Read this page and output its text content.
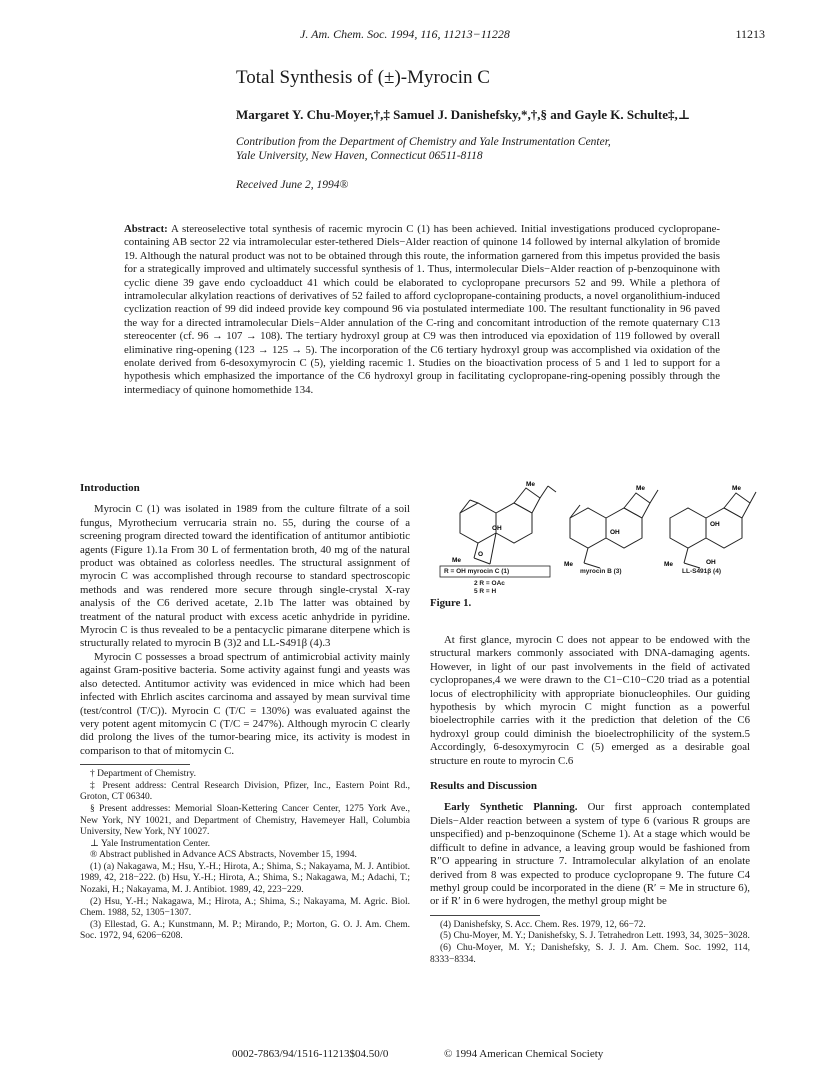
J. Am. Chem. Soc. 1994, 116, 11213−11228	11213
Total Synthesis of (±)-Myrocin C
Margaret Y. Chu-Moyer,†,‡ Samuel J. Danishefsky,*,†,§ and Gayle K. Schulte‡,⊥
Contribution from the Department of Chemistry and Yale Instrumentation Center,
Yale University, New Haven, Connecticut 06511-8118
Received June 2, 1994®
Abstract: A stereoselective total synthesis of racemic myrocin C (1) has been achieved. Initial investigations produced cyclopropane-containing AB sector 22 via intramolecular ester-tethered Diels−Alder reaction of quinone 14 followed by internal alkylation of bromide 19. Although the natural product was not to be obtained through this route, the information garnered from this impetus provided the basis for a strategically improved and ultimately successful synthesis of 1. Thus, intermolecular Diels−Alder reaction of p-benzoquinone with cyclic diene 39 gave endo cycloadduct 41 which could be elaborated to cyclopropane precursors 52 and 99. While a plethora of intramolecular alkylation reactions of derivatives of 52 failed to afford cyclopropane-containing products, a novel organolithium-induced cyclization reaction of 99 did indeed provide key compound 96 via postulated intermediate 100. The resultant functionality in 96 paved the way for a directed intramolecular Diels−Alder annulation of the C-ring and concomitant introduction of the remote quaternary C13 stereocenter (cf. 96 → 107 → 108). The tertiary hydroxyl group at C9 was then introduced via epoxidation of 119 followed by overall eliminative ring-opening (123 → 125 → 5). The incorporation of the C6 tertiary hydroxyl group was accomplished via oxidation of the enolate derived from 6-desoxymyrocin C (5), yielding racemic 1. Studies on the bioactivation process of 5 and 1 led to support for a hypothesis which emphasized the importance of the C6 hydroxyl group in facilitating cyclopropane-ring-opening possibly through the intermediacy of quinone homomethide 134.
Introduction

Myrocin C (1) was isolated in 1989 from the culture filtrate of a soil fungus, Myrothecium verrucaria strain no. 55, during the course of a screening program directed toward the identification of antitumor antibiotic agents (Figure 1).1a From 30 L of fermentation broth, 40 mg of the natural product was obtained as colorless needles. The structural assignment of myrocin C was accomplished through recourse to standard spectroscopic methods and was rendered more secure through single-crystal X-ray analysis of the C6 derived acetate, 2.1b The latter was obtained by treatment of the natural product with excess acetic anhydride in pyridine. Myrocin C is thus revealed to be a pentacyclic pimarane diterpene which is structurally related to myrocin B (3)2 and LL-S491β (4).3

Myrocin C possesses a broad spectrum of antimicrobial activity mainly against Gram-positive bacteria. Some activity against fungi and yeasts was also detected. Antitumor activity was evidenced in mice which had been infected with Ehrlich ascites carcinoma and assayed by mean survival time (test/control (T/C)). Myrocin C (T/C = 130%) was evaluated against the very potent agent mitomycin C (T/C = 247%). Although myrocin C clearly did prolong the lives of the tumor-bearing mice, its activity is modest in comparison to that of mitomycin C.

† Department of Chemistry.

‡ Present address: Central Research Division, Pfizer, Inc., Eastern Point Rd., Groton, CT 06340.

§ Present addresses: Memorial Sloan-Kettering Cancer Center, 1275 York Ave., New York, NY 10021, and Department of Chemistry, Havemeyer Hall, Columbia University, New York, NY 10027.

⊥ Yale Instrumentation Center.

® Abstract published in Advance ACS Abstracts, November 15, 1994.

(1) (a) Nakagawa, M.; Hsu, Y.-H.; Hirota, A.; Shima, S.; Nakayama, M. J. Antibiot. 1989, 42, 218−222. (b) Hsu, Y.-H.; Hirota, A.; Shima, S.; Nakagawa, M.; Adachi, T.; Nozaki, H.; Nakayama, M. J. Antibiot. 1989, 42, 223−229.

(2) Hsu, Y.-H.; Nakagawa, M.; Hirota, A.; Shima, S.; Nakayama, M. Agric. Biol. Chem. 1988, 52, 1305−1307.

(3) Ellestad, G. A.; Kunstmann, M. P.; Mirando, P.; Morton, G. O. J. Am. Chem. Soc. 1972, 94, 6206−6208.

Me
O
OH
Me
Me
OH
Me
Me
OH
Me	OH
R = OH myrocin C (1)
2 R = OAc
5 R = H
myrocin B (3)	LL-S491β (4)
Figure 1.

At first glance, myrocin C does not appear to be endowed with the structural markers commonly associated with DNA-damaging agents. However, in light of our past involvements in the field of activated cyclopropanes,4 we were drawn to the C1−C10−C20 triad as a potential locus of electrophilicity with appropriate bionucleophiles. Our guiding hypothesis by which myrocin C might function as a powerful bioelectrophile carries with it the prediction that deletion of the C6 hydroxyl group could diminish the bioelectrophilicity of the system.5 Accordingly, 6-desoxymyrocin C (5) emerged as a desirable goal structure en route to myrocin C.6

Results and Discussion

Early Synthetic Planning. Our first approach contemplated Diels−Alder reaction between a system of type 6 (various R groups are unspecified) and p-benzoquinone (Scheme 1). At a stage which would be difficult to define in advance, a leaving group would be fashioned from R″O appearing in structure 7. Intramolecular alkylation of an enolate derived from 8 was expected to produce cyclopropane 9. The future C4 methyl group could be incorporated in the diene (R′ = Me in structure 6), or if R′ in 6 were hydrogen, the methyl group might be

(4) Danishefsky, S. Acc. Chem. Res. 1979, 12, 66−72.

(5) Chu-Moyer, M. Y.; Danishefsky, S. J. Tetrahedron Lett. 1993, 34, 3025−3028.

(6) Chu-Moyer, M. Y.; Danishefsky, S. J. J. Am. Chem. Soc. 1992, 114, 8333−8334.

0002-7863/94/1516-11213$04.50/0	© 1994 American Chemical Society
